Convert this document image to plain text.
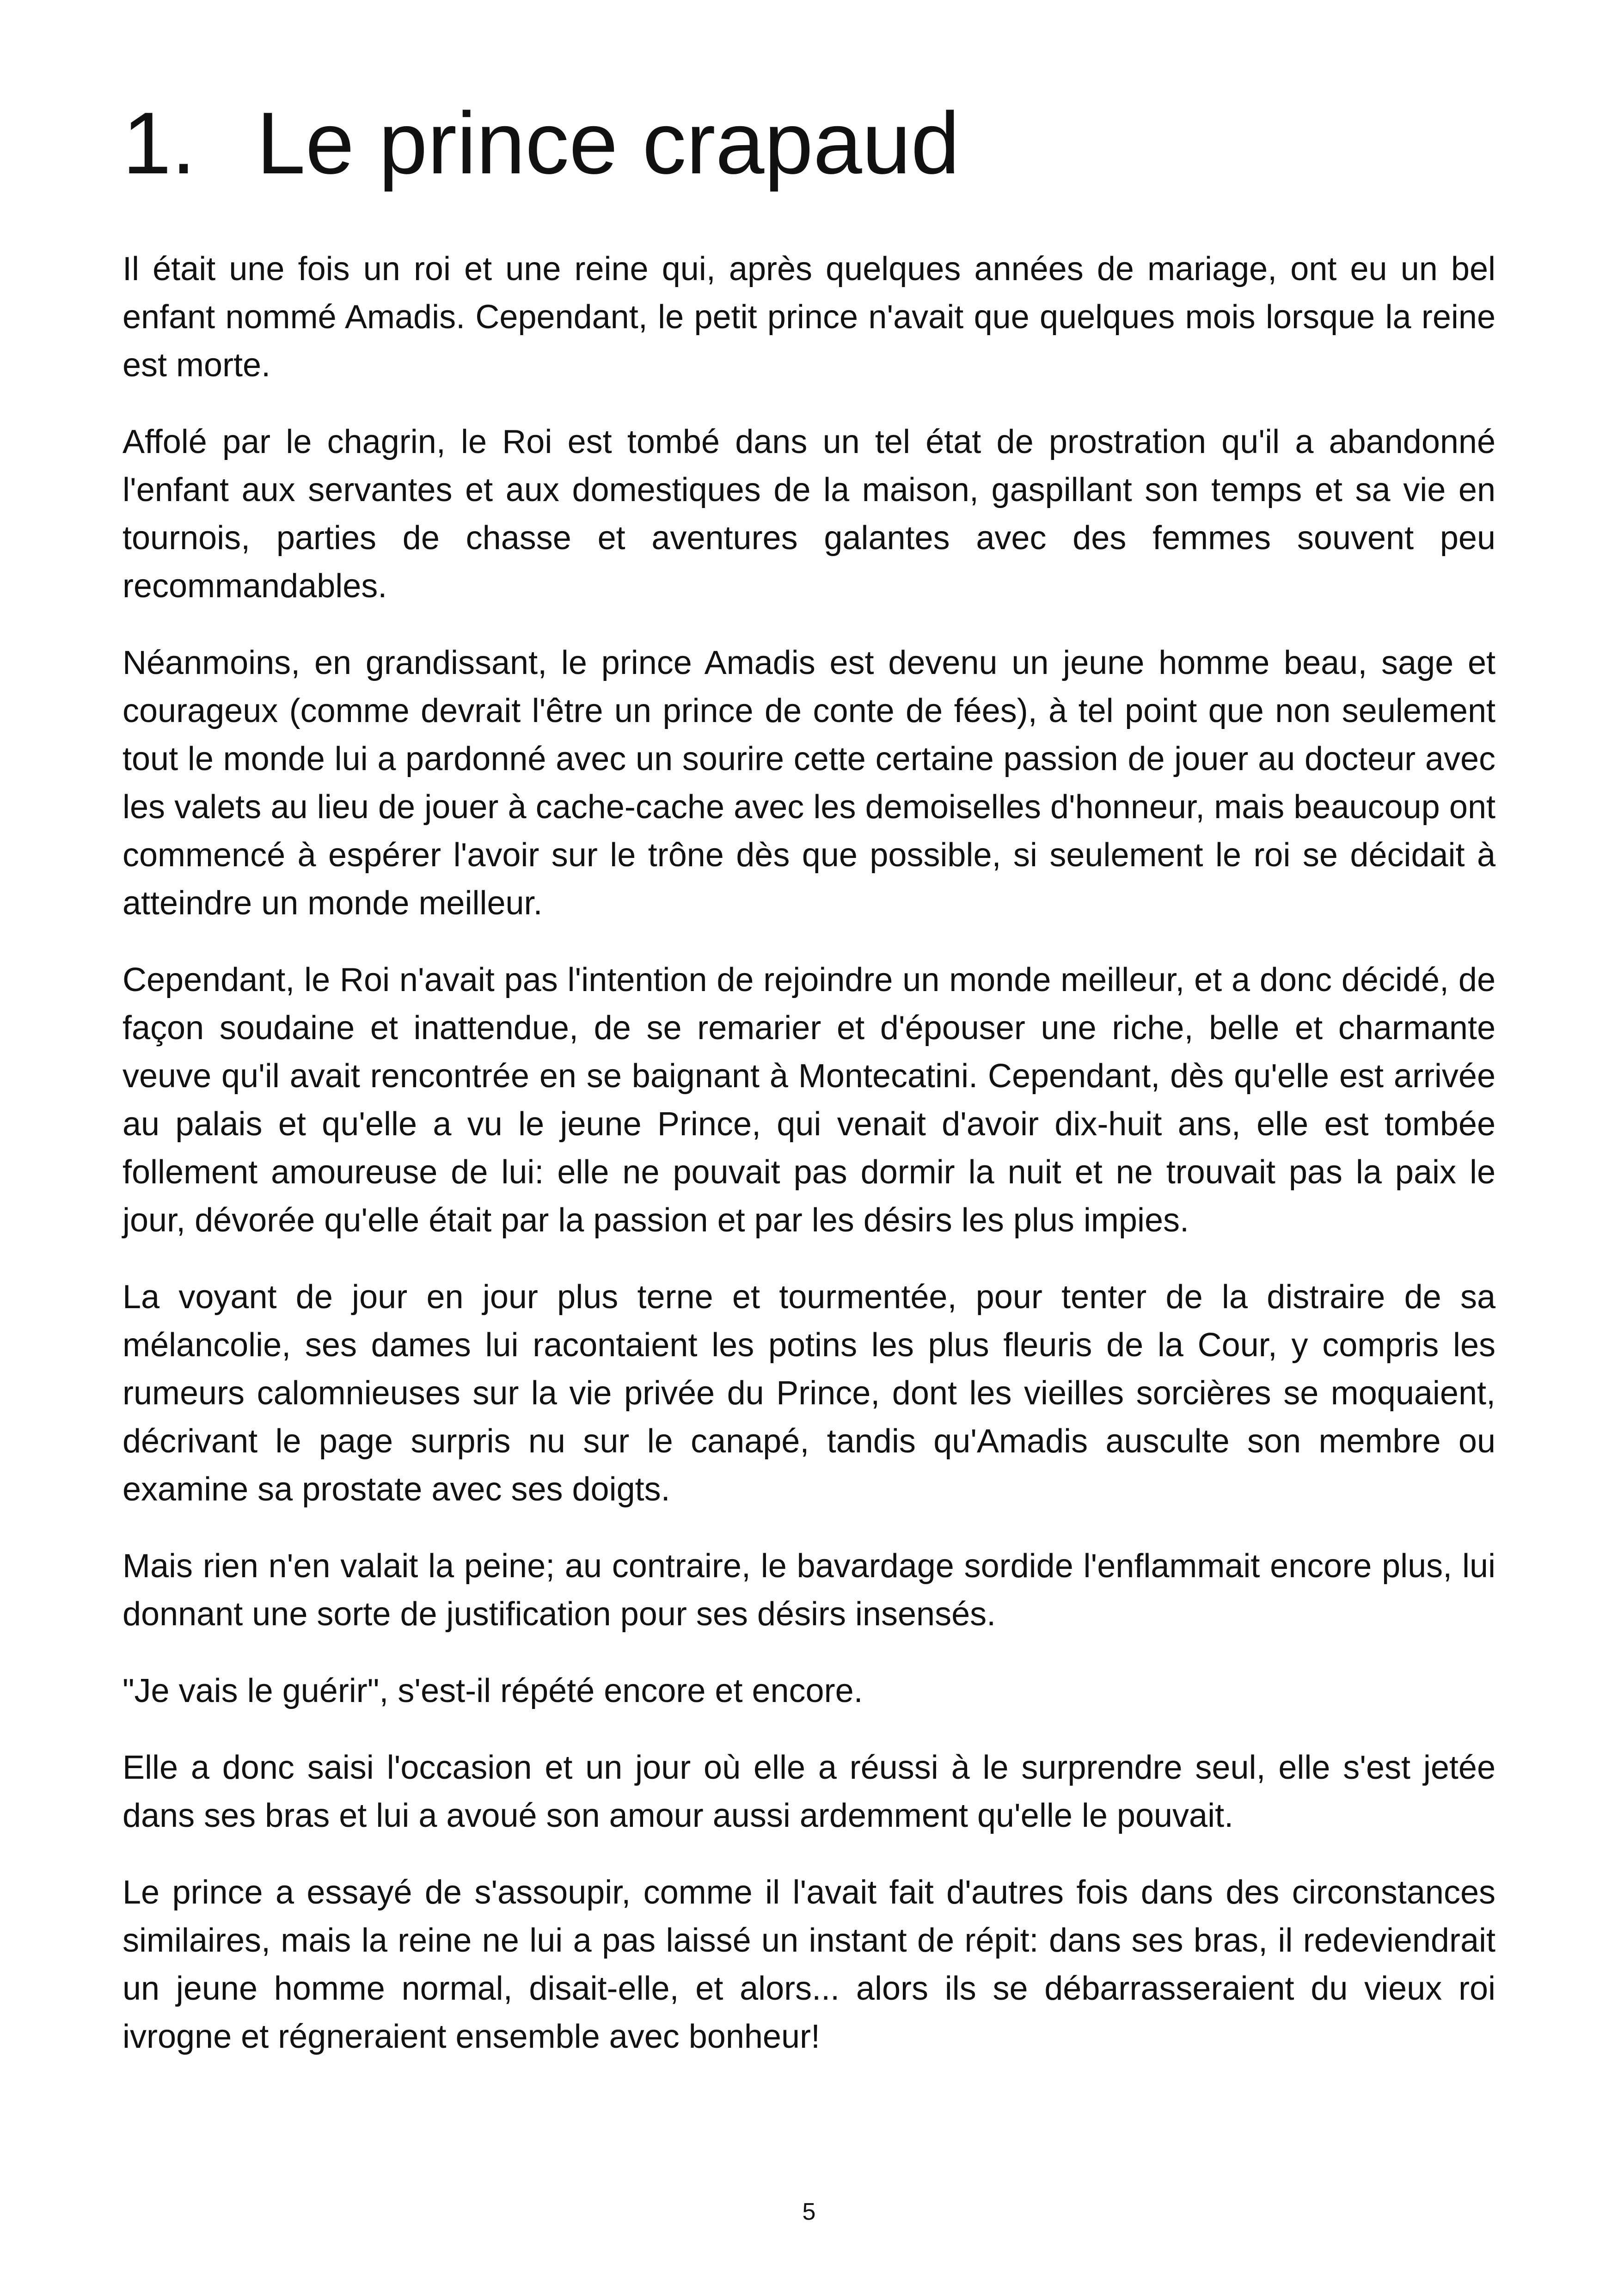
1. Le prince crapaud

Il était une fois un roi et une reine qui, après quelques années de mariage, ont eu un bel enfant nommé Amadis. Cependant, le petit prince n'avait que quelques mois lorsque la reine est morte.

Affolé par le chagrin, le Roi est tombé dans un tel état de prostration qu'il a abandonné l'enfant aux servantes et aux domestiques de la maison, gaspillant son temps et sa vie en tournois, parties de chasse et aventures galantes avec des femmes souvent peu recommandables.

Néanmoins, en grandissant, le prince Amadis est devenu un jeune homme beau, sage et courageux (comme devrait l'être un prince de conte de fées), à tel point que non seulement tout le monde lui a pardonné avec un sourire cette certaine passion de jouer au docteur avec les valets au lieu de jouer à cache-cache avec les demoiselles d'honneur, mais beaucoup ont commencé à espérer l'avoir sur le trône dès que possible, si seulement le roi se décidait à atteindre un monde meilleur.

Cependant, le Roi n'avait pas l'intention de rejoindre un monde meilleur, et a donc décidé, de façon soudaine et inattendue, de se remarier et d'épouser une riche, belle et charmante veuve qu'il avait rencontrée en se baignant à Montecatini. Cependant, dès qu'elle est arrivée au palais et qu'elle a vu le jeune Prince, qui venait d'avoir dix-huit ans, elle est tombée follement amoureuse de lui: elle ne pouvait pas dormir la nuit et ne trouvait pas la paix le jour, dévorée qu'elle était par la passion et par les désirs les plus impies.

La voyant de jour en jour plus terne et tourmentée, pour tenter de la distraire de sa mélancolie, ses dames lui racontaient les potins les plus fleuris de la Cour, y compris les rumeurs calomnieuses sur la vie privée du Prince, dont les vieilles sorcières se moquaient, décrivant le page surpris nu sur le canapé, tandis qu'Amadis ausculte son membre ou examine sa prostate avec ses doigts.

Mais rien n'en valait la peine; au contraire, le bavardage sordide l'enflammait encore plus, lui donnant une sorte de justification pour ses désirs insensés.

"Je vais le guérir", s'est-il répété encore et encore.

Elle a donc saisi l'occasion et un jour où elle a réussi à le surprendre seul, elle s'est jetée dans ses bras et lui a avoué son amour aussi ardemment qu'elle le pouvait.

Le prince a essayé de s'assoupir, comme il l'avait fait d'autres fois dans des circonstances similaires, mais la reine ne lui a pas laissé un instant de répit: dans ses bras, il redeviendrait un jeune homme normal, disait-elle, et alors... alors ils se débarrasseraient du vieux roi ivrogne et régneraient ensemble avec bonheur!

5
